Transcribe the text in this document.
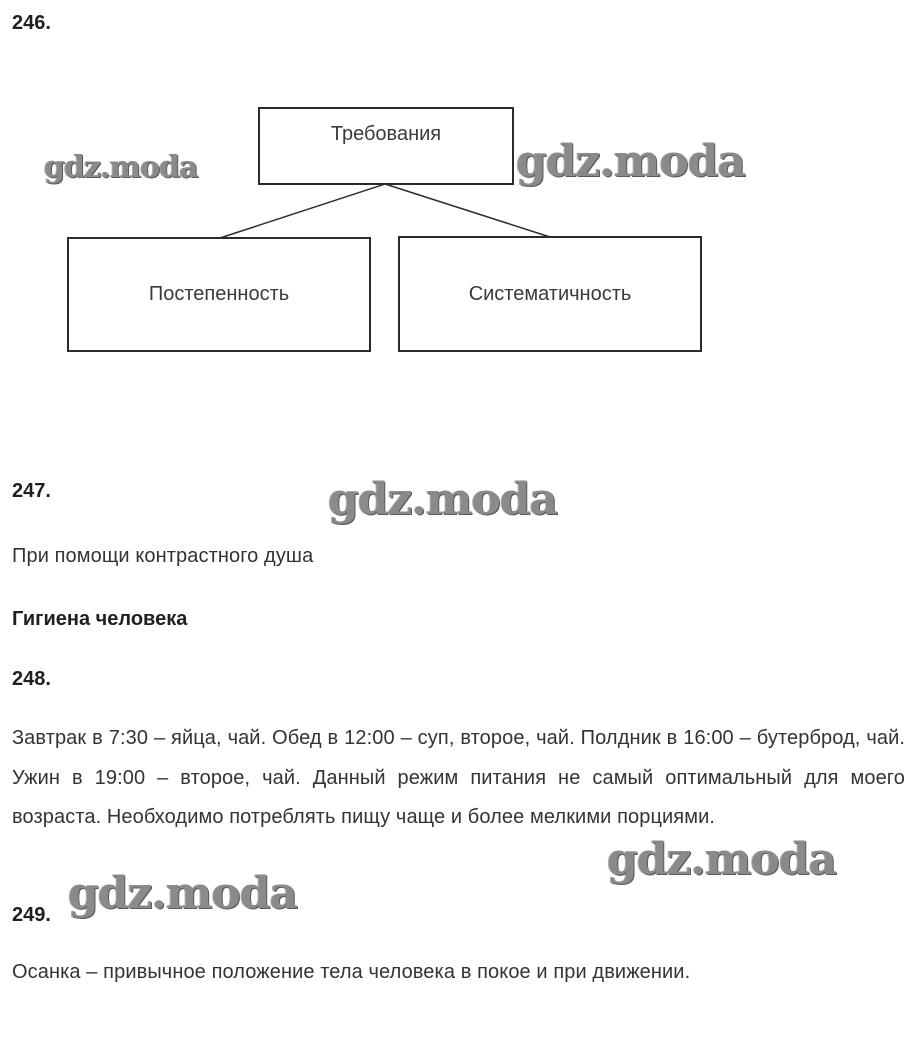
246.
Требования
Постепенность	Систематичность
247.
При помощи контрастного душа
Гигиена человека
248.
Завтрак в 7:30 – яйца, чай. Обед в 12:00 – суп, второе, чай. Полдник в 16:00 – бутерброд, чай. Ужин в 19:00 – второе, чай. Данный режим питания не самый оптимальный для моего возраста. Необходимо потреблять пищу чаще и более мелкими порциями.
249.
Осанка – привычное положение тела человека в покое и при движении.
gdz.moda	gdz.moda
gdz.moda
gdz.moda
gdz.moda
